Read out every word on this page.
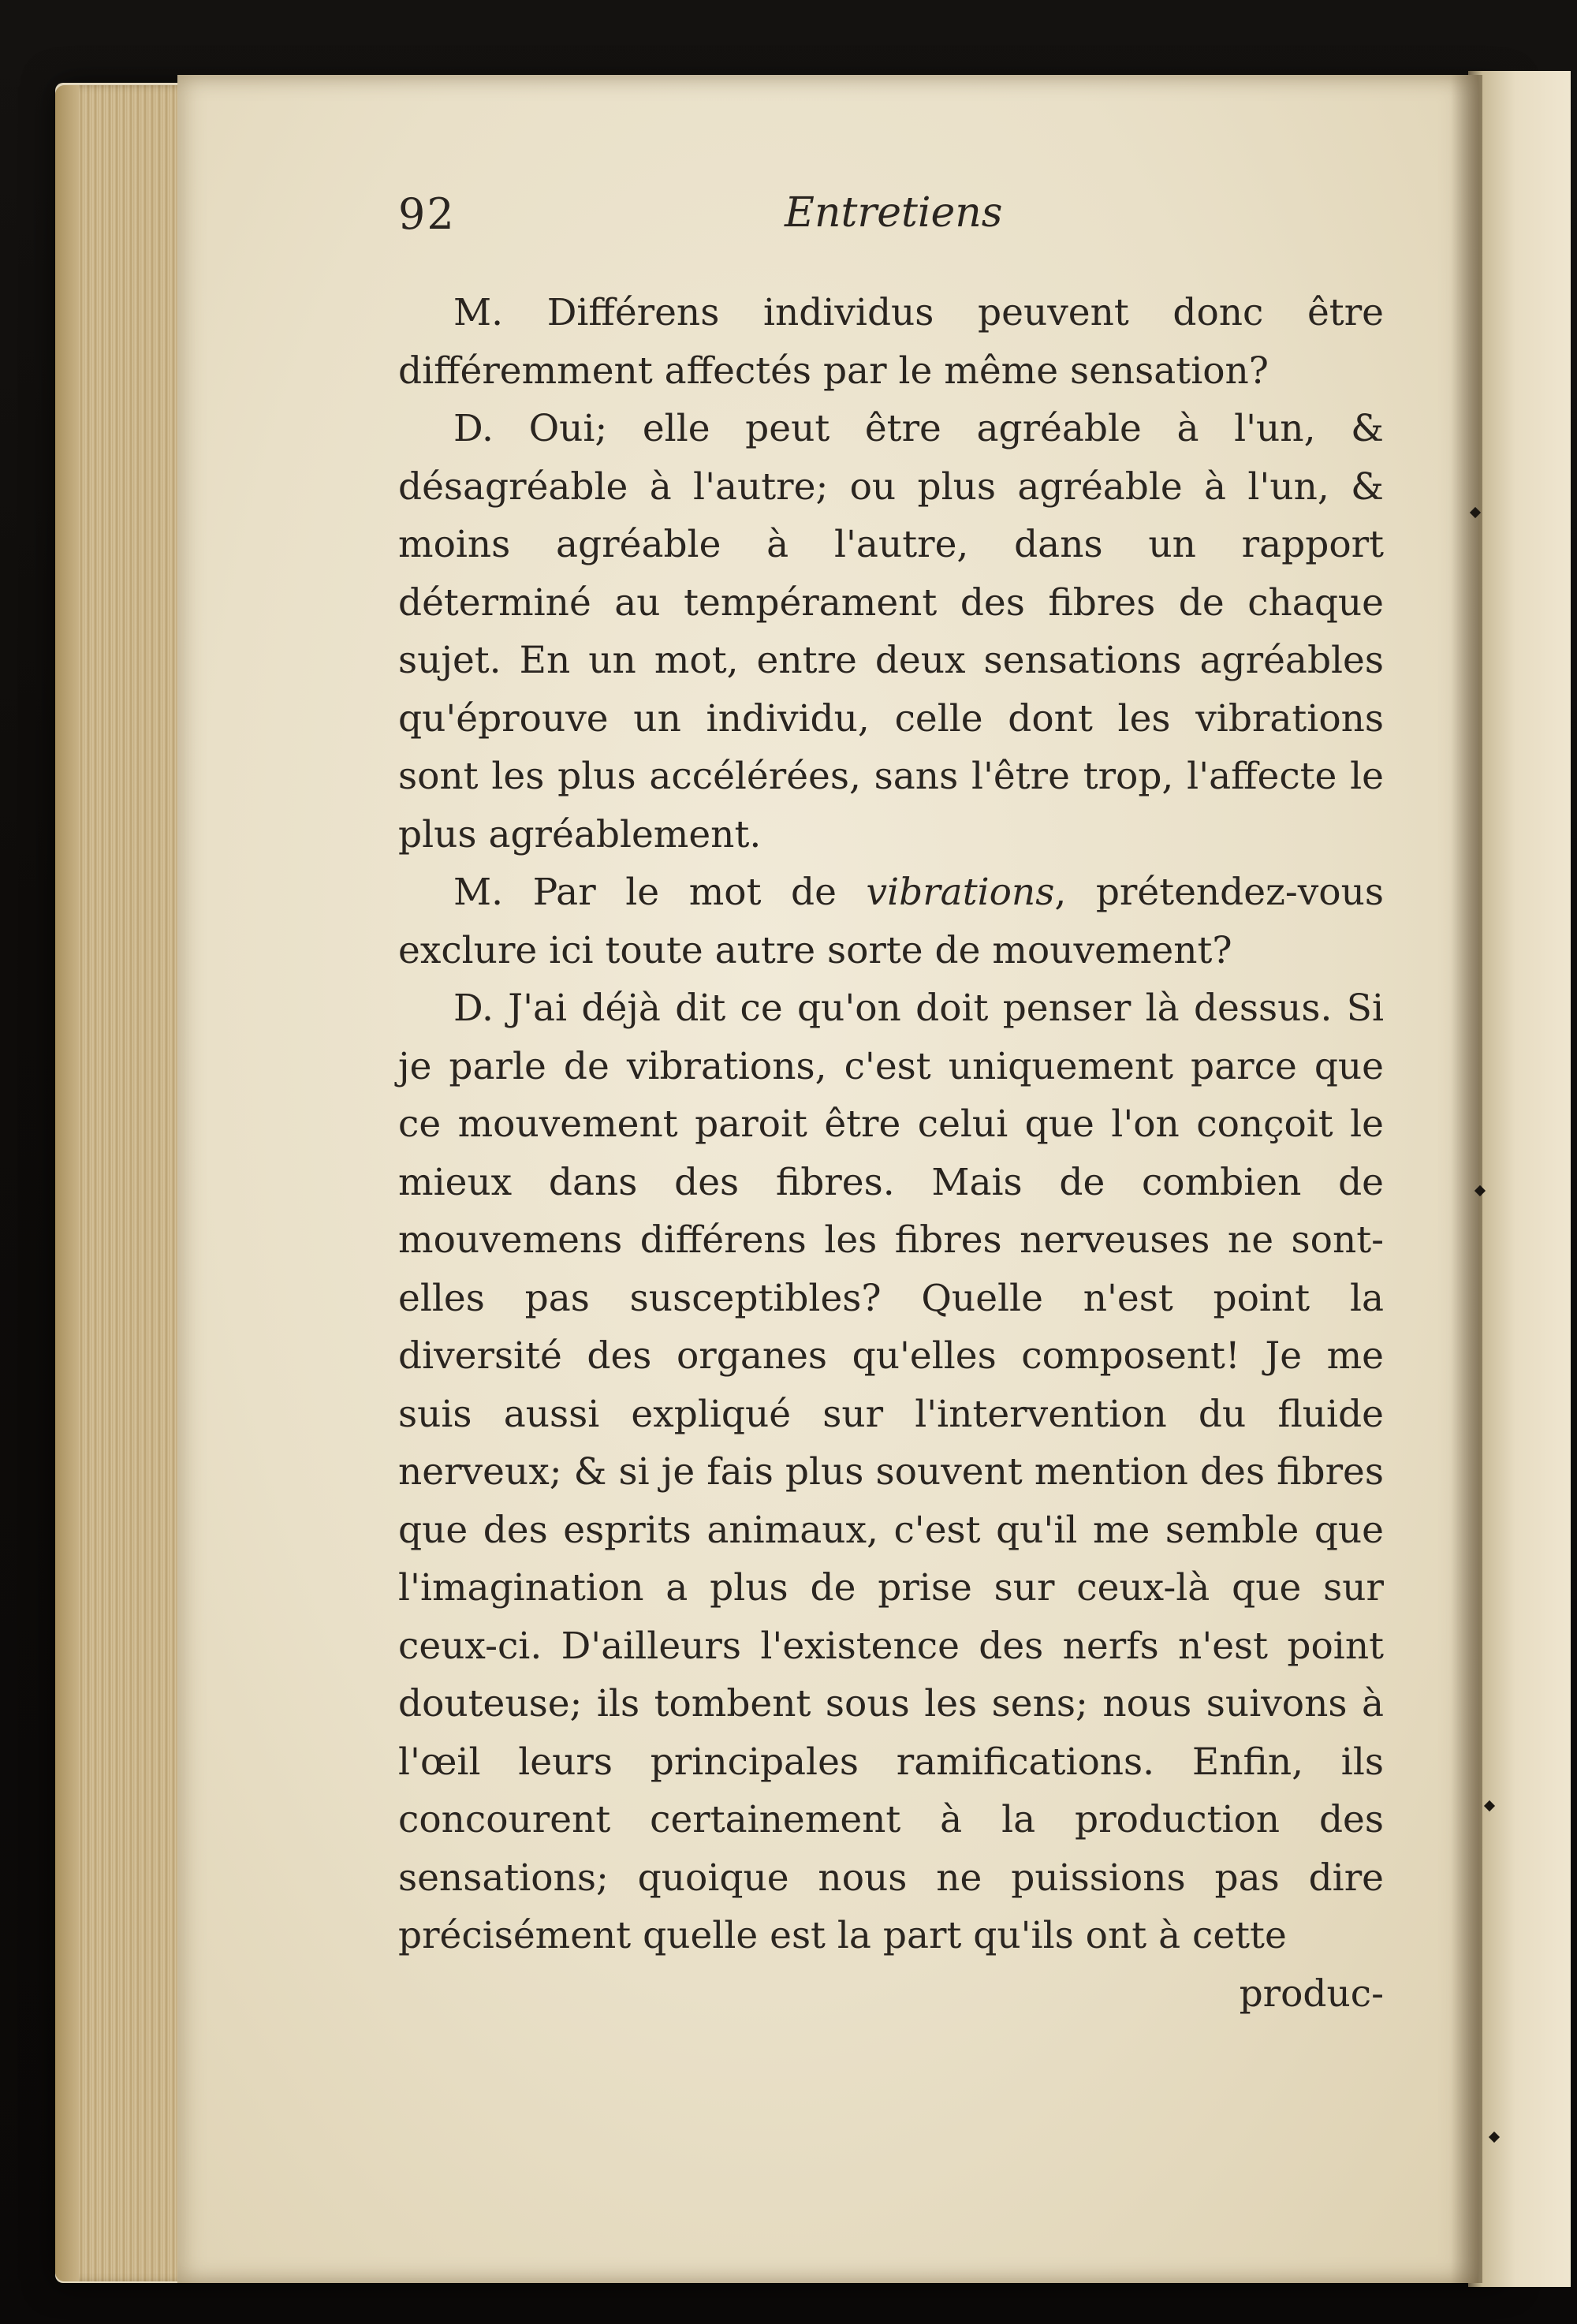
92	Entretiens

M. Différens individus peuvent donc être différemment affectés par le même sensation?

D. Oui; elle peut être agréable à l'un, & désagréable à l'autre; ou plus agréable à l'un, & moins agréable à l'autre, dans un rapport déterminé au tempérament des fibres de chaque sujet. En un mot, entre deux sensations agréables qu'éprouve un individu, celle dont les vibrations sont les plus accélérées, sans l'être trop, l'affecte le plus agréablement.

M. Par le mot de vibrations, prétendez-vous exclure ici toute autre sorte de mouvement?

D. J'ai déjà dit ce qu'on doit penser là dessus. Si je parle de vibrations, c'est uniquement parce que ce mouvement paroit être celui que l'on conçoit le mieux dans des fibres. Mais de combien de mouvemens différens les fibres nerveuses ne sont-elles pas susceptibles? Quelle n'est point la diversité des organes qu'elles composent! Je me suis aussi expliqué sur l'intervention du fluide nerveux; & si je fais plus souvent mention des fibres que des esprits animaux, c'est qu'il me semble que l'imagination a plus de prise sur ceux-là que sur ceux-ci. D'ailleurs l'existence des nerfs n'est point douteuse; ils tombent sous les sens; nous suivons à l'œil leurs principales ramifications. Enfin, ils concourent certainement à la production des sensations; quoique nous ne puissions pas dire précisément quelle est la part qu'ils ont à cette

produc-
